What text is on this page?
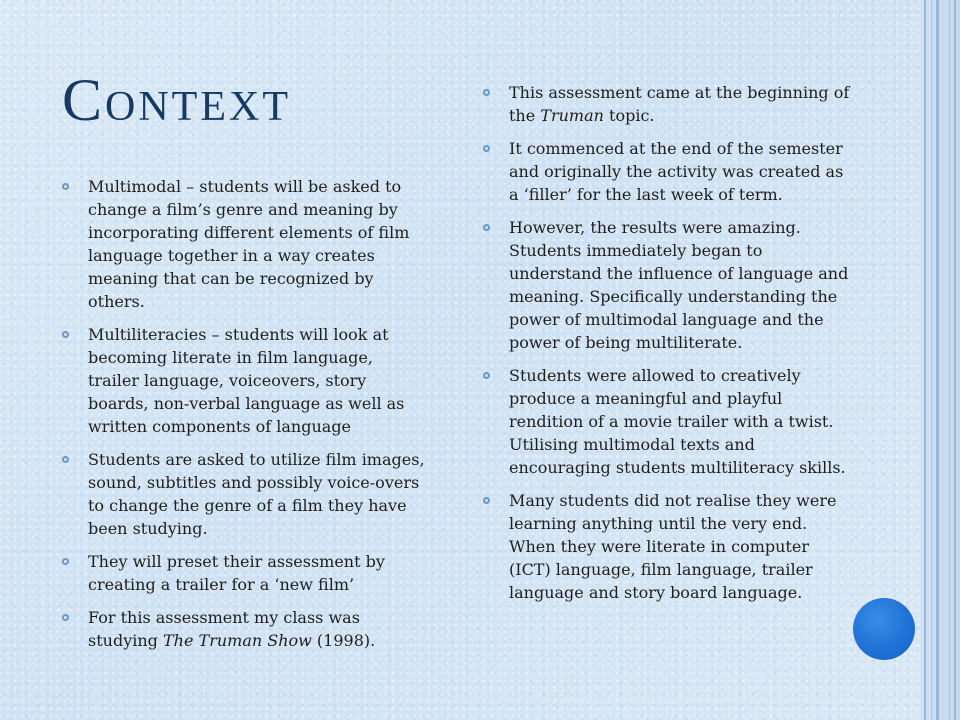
Context
Multimodal – students will be asked to change a film’s genre and meaning by incorporating different elements of film language together in a way creates meaning that can be recognized by others.
Multiliteracies – students will look at becoming literate in film language, trailer language, voiceovers, story boards, non-verbal language as well as written components of language
Students are asked to utilize film images, sound, subtitles and possibly voice-overs to change the genre of a film they have been studying.
They will preset their assessment by creating a trailer for a ‘new film’
For this assessment my class was studying The Truman Show (1998).
This assessment came at the beginning of the Truman topic.
It commenced at the end of the semester and originally the activity was created as a ‘filler’ for the last week of term.
However, the results were amazing. Students immediately began to understand the influence of language and meaning. Specifically understanding the power of multimodal language and the power of being multiliterate.
Students were allowed to creatively produce a meaningful and playful rendition of a movie trailer with a twist. Utilising multimodal texts and encouraging students multiliteracy skills.
Many students did not realise they were learning anything until the very end. When they were literate in computer (ICT) language, film language, trailer language and story board language.
